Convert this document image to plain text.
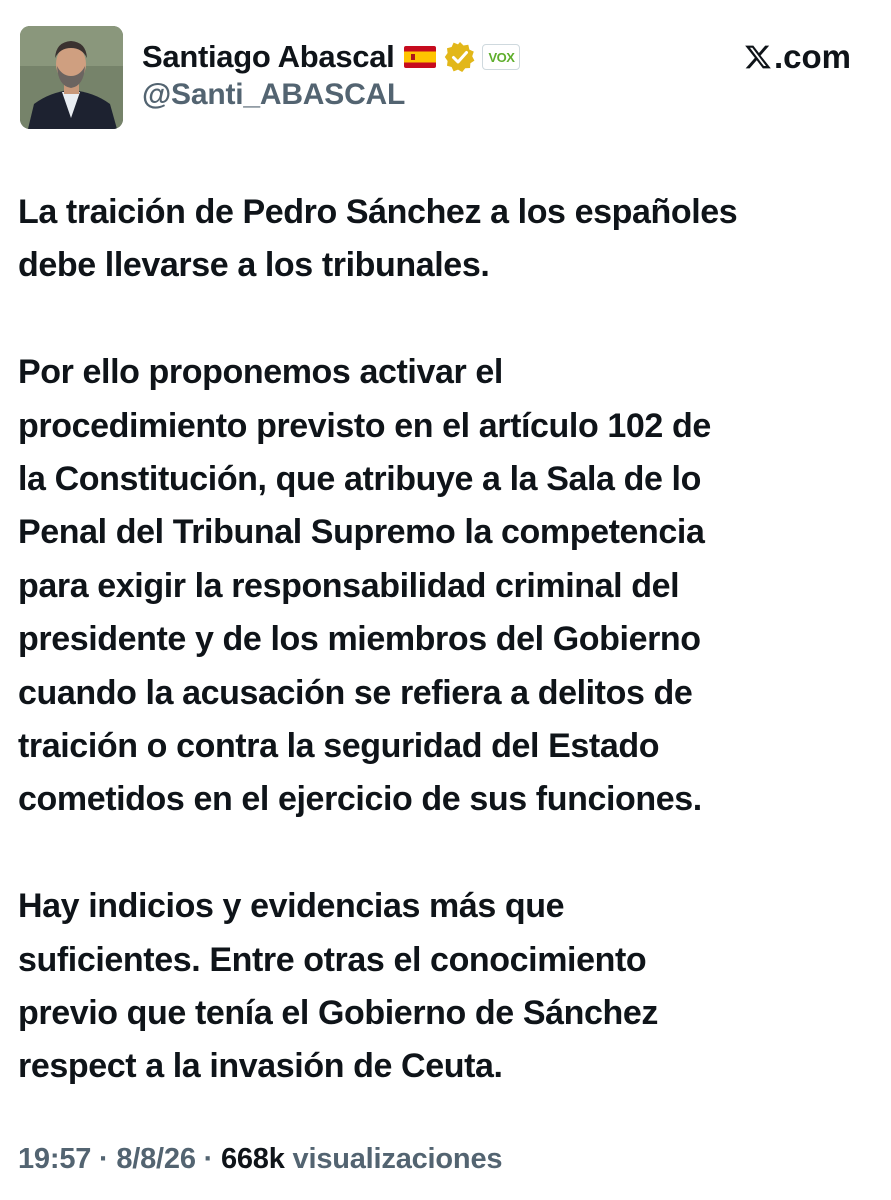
Santiago Abascal	VOX
@Santi_ABASCAL
.com

La traición de Pedro Sánchez a los españoles
debe llevarse a los tribunales.

Por ello proponemos activar el
procedimiento previsto en el artículo 102 de
la Constitución, que atribuye a la Sala de lo
Penal del Tribunal Supremo la competencia
para exigir la responsabilidad criminal del
presidente y de los miembros del Gobierno
cuando la acusación se refiera a delitos de
traición o contra la seguridad del Estado
cometidos en el ejercicio de sus funciones.

Hay indicios y evidencias más que
suficientes. Entre otras el conocimiento
previo que tenía el Gobierno de Sánchez
respect a la invasión de Ceuta.

19:57 · 8/8/26 · 668k visualizaciones
